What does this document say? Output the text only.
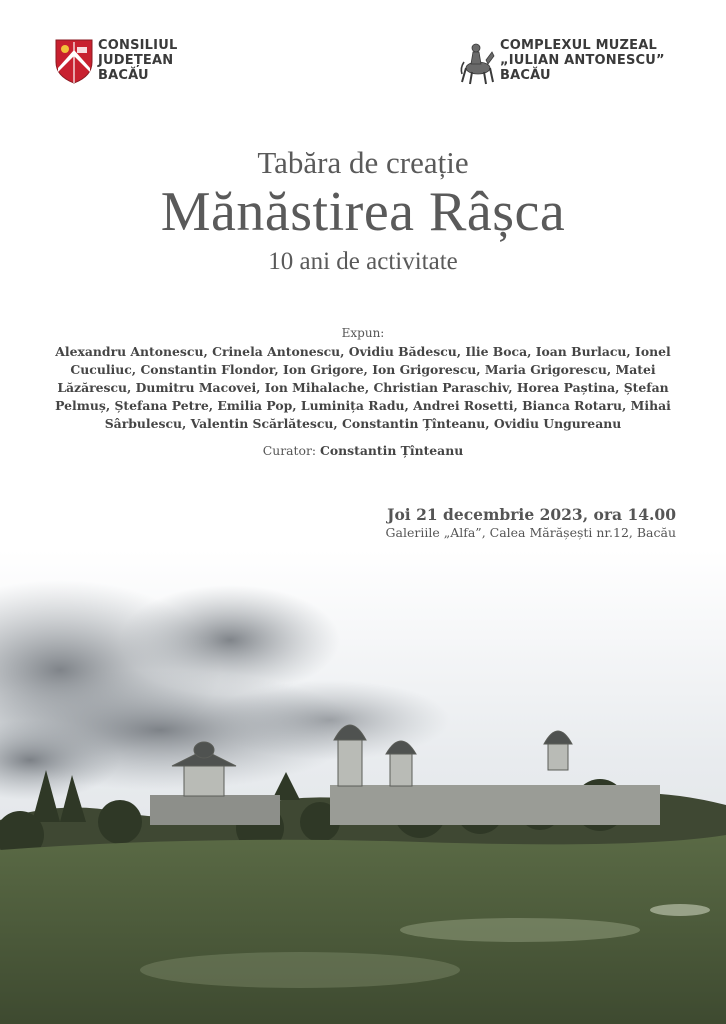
CONSILIUL
JUDEȚEAN
BACĂU
COMPLEXUL MUZEAL
„IULIAN ANTONESCU”
BACĂU
Tabăra de creație
Mănăstirea Râșca
10 ani de activitate
Expun:
Alexandru Antonescu, Crinela Antonescu, Ovidiu Bădescu, Ilie Boca, Ioan Burlacu, Ionel
Cuculiuc, Constantin Flondor, Ion Grigore, Ion Grigorescu, Maria Grigorescu, Matei
Lăzărescu, Dumitru Macovei, Ion Mihalache, Christian Paraschiv, Horea Paștina, Ștefan
Pelmuș, Ștefana Petre, Emilia Pop, Luminița Radu, Andrei Rosetti, Bianca Rotaru, Mihai
Sârbulescu, Valentin Scărlătescu, Constantin Țînteanu, Ovidiu Ungureanu
Curator: Constantin Țînteanu
Joi 21 decembrie 2023, ora 14.00
Galeriile „Alfa”, Calea Mărășești nr.12, Bacău
